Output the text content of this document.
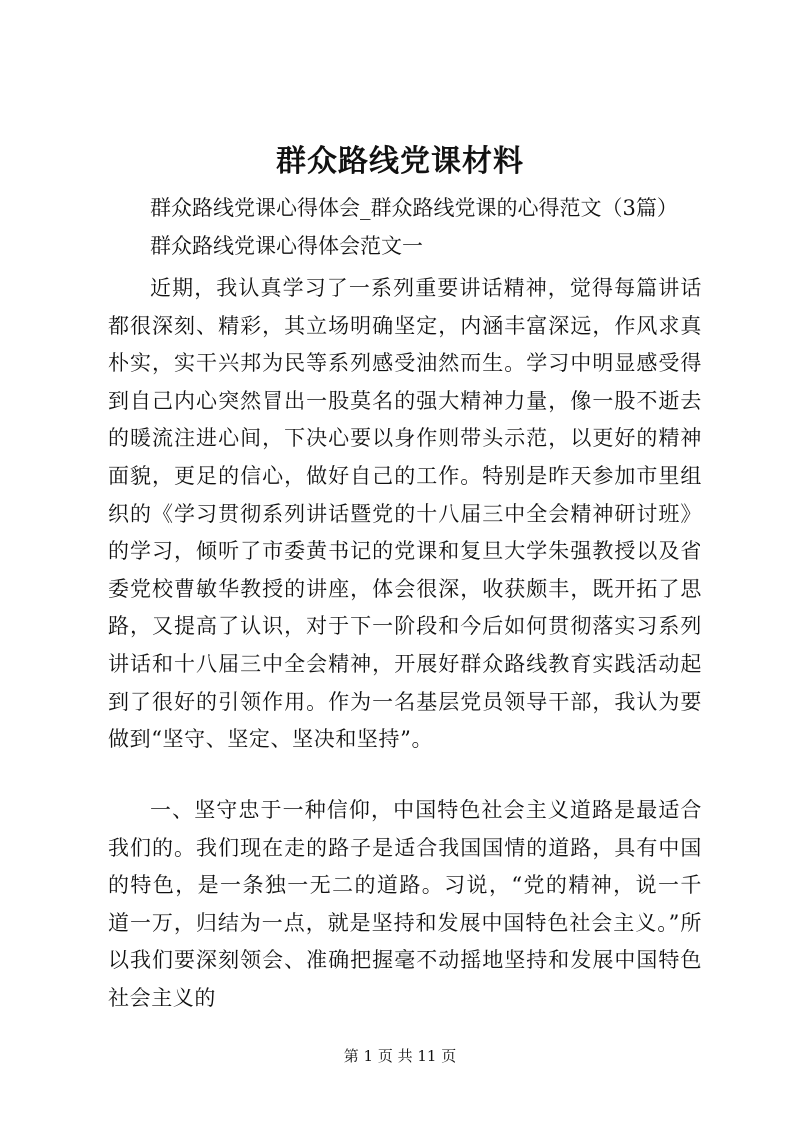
群众路线党课材料

群众路线党课心得体会_群众路线党课的心得范文（3篇）

群众路线党课心得体会范文一

近期，我认真学习了一系列重要讲话精神，觉得每篇讲话都很深刻、精彩，其立场明确坚定，内涵丰富深远，作风求真朴实，实干兴邦为民等系列感受油然而生。学习中明显感受得到自己内心突然冒出一股莫名的强大精神力量，像一股不逝去的暖流注进心间，下决心要以身作则带头示范，以更好的精神面貌，更足的信心，做好自己的工作。特别是昨天参加市里组织的《学习贯彻系列讲话暨党的十八届三中全会精神研讨班》的学习，倾听了市委黄书记的党课和复旦大学朱强教授以及省委党校曹敏华教授的讲座，体会很深，收获颇丰，既开拓了思路，又提高了认识，对于下一阶段和今后如何贯彻落实习系列讲话和十八届三中全会精神，开展好群众路线教育实践活动起到了很好的引领作用。作为一名基层党员领导干部，我认为要做到“坚守、坚定、坚决和坚持”。

一、坚守忠于一种信仰，中国特色社会主义道路是最适合我们的。我们现在走的路子是适合我国国情的道路，具有中国的特色，是一条独一无二的道路。习说，“党的精神，说一千道一万，归结为一点，就是坚持和发展中国特色社会主义。”所以我们要深刻领会、准确把握毫不动摇地坚持和发展中国特色社会主义的

第 1 页 共 11 页
